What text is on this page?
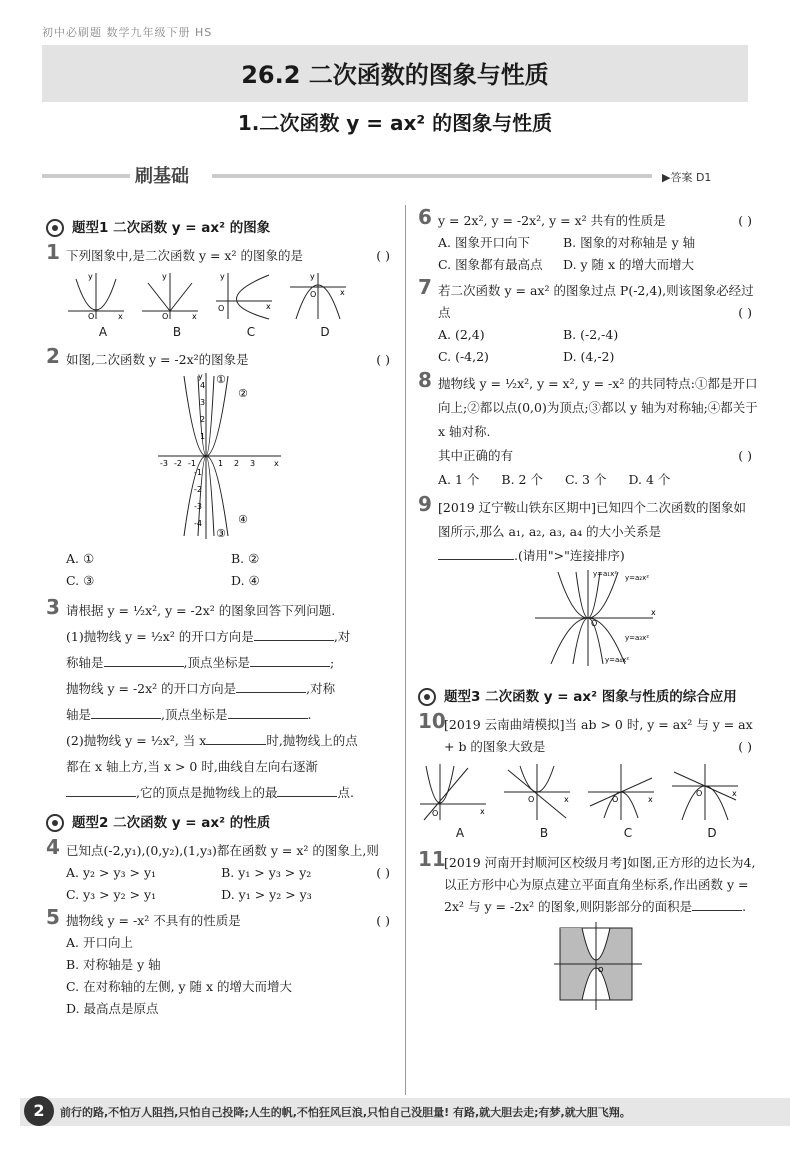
初中必刷题 数学九年级下册 HS
26.2 二次函数的图象与性质
1.二次函数 y = ax² 的图象与性质
刷基础	▶答案 D1
题型1 二次函数 y = ax² 的图象
1 下列图象中,是二次函数 y = x² 的图象的是	( )
x
y
O	x
y
O
x
y
O
x
y
O
A	B	C	D
2 如图,二次函数 y = -2x²的图象是	( )
-3 -2 -1	1 2 3 x
y
4
3
2
1
-1
-2
-3
-4
①
②
③
④
A. ①	B. ②
C. ③	D. ④
3 请根据 y = ½x², y = -2x² 的图象回答下列问题.
(1)抛物线 y = ½x² 的开口方向是	,对
称轴是	,顶点坐标是	;
抛物线 y = -2x² 的开口方向是	,对称
轴是	,顶点坐标是	.
(2)抛物线 y = ½x², 当 x	时,抛物线上的点
都在 x 轴上方,当 x > 0 时,曲线自左向右逐渐
,它的顶点是抛物线上的最	点.
题型2 二次函数 y = ax² 的性质
4 已知点(-2,y₁),(0,y₂),(1,y₃)都在函数 y = x² 的图象上,则
( )
A. y₂ > y₃ > y₁	B. y₁ > y₃ > y₂
C. y₃ > y₂ > y₁	D. y₁ > y₂ > y₃
5 抛物线 y = -x² 不具有的性质是	( )
A. 开口向上
B. 对称轴是 y 轴
C. 在对称轴的左侧, y 随 x 的增大而增大
D. 最高点是原点
6 y = 2x², y = -2x², y = x² 共有的性质是	( )
A. 图象开口向下	B. 图象的对称轴是 y 轴
C. 图象都有最高点	D. y 随 x 的增大而增大
7 若二次函数 y = ax² 的图象过点 P(-2,4),则该图象必经过点	( )
A. (2,4)	B. (-2,-4)
C. (-4,2)	D. (4,-2)
8 抛物线 y = ½x², y = x², y = -x² 的共同特点:①都是开口向上;②都以点(0,0)为顶点;③都以 y 轴为对称轴;④都关于 x 轴对称.
其中正确的有	( )
A. 1 个 B. 2 个 C. 3 个 D. 4 个
9 [2019 辽宁鞍山铁东区期中]已知四个二次函数的图象如图所示,那么 a₁, a₂, a₃, a₄ 的大小关系是
.(请用">"连接排序)
y=a₁x² y=a₂x²
y=a₃x²
y=a₄x²
x
O
题型3 二次函数 y = ax² 图象与性质的综合应用
10
[2019 云南曲靖模拟]当 ab > 0 时, y = ax² 与 y = ax + b 的图象大致是	( )
x
O
x
O	x
O
x
O
A	B	C	D
11
[2019 河南开封顺河区校级月考]如图,正方形的边长为4,以正方形中心为原点建立平面直角坐标系,作出函数 y = 2x² 与 y = -2x² 的图象,则阴影部分的面积是	.
O
2	前行的路,不怕万人阻挡,只怕自己投降;人生的帆,不怕狂风巨浪,只怕自己没胆量! 有路,就大胆去走;有梦,就大胆飞翔。
